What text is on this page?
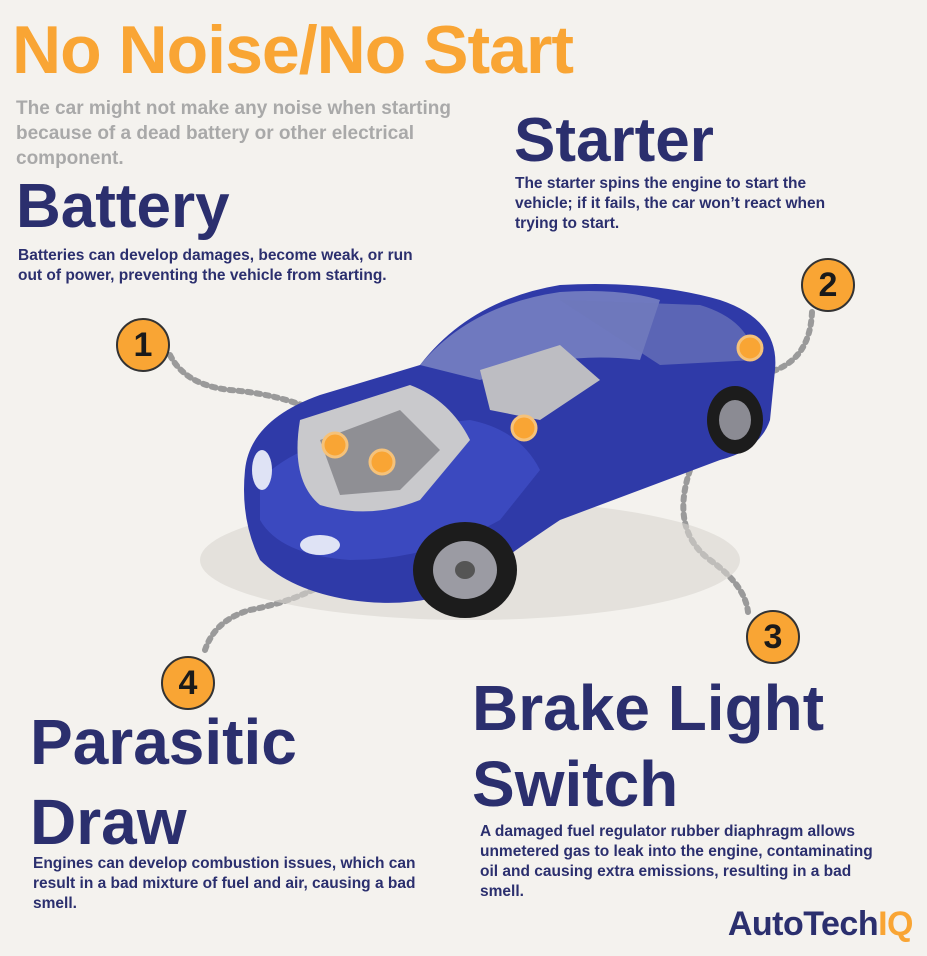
No Noise/No Start
The car might not make any noise when starting because of a dead battery or other electrical component.
Battery
Batteries can develop damages, become weak, or run out of power, preventing the vehicle from starting.
1
Starter
The starter spins the engine to start the vehicle; if it fails, the car won’t react when trying to start.
2
3
Brake Light
Switch
A damaged fuel regulator rubber diaphragm allows unmetered gas to leak into the engine, contaminating oil and causing extra emissions, resulting in a bad smell.
4
Parasitic
Draw
Engines can develop combustion issues, which can result in a bad mixture of fuel and air, causing a bad smell.
AutoTechIQ
